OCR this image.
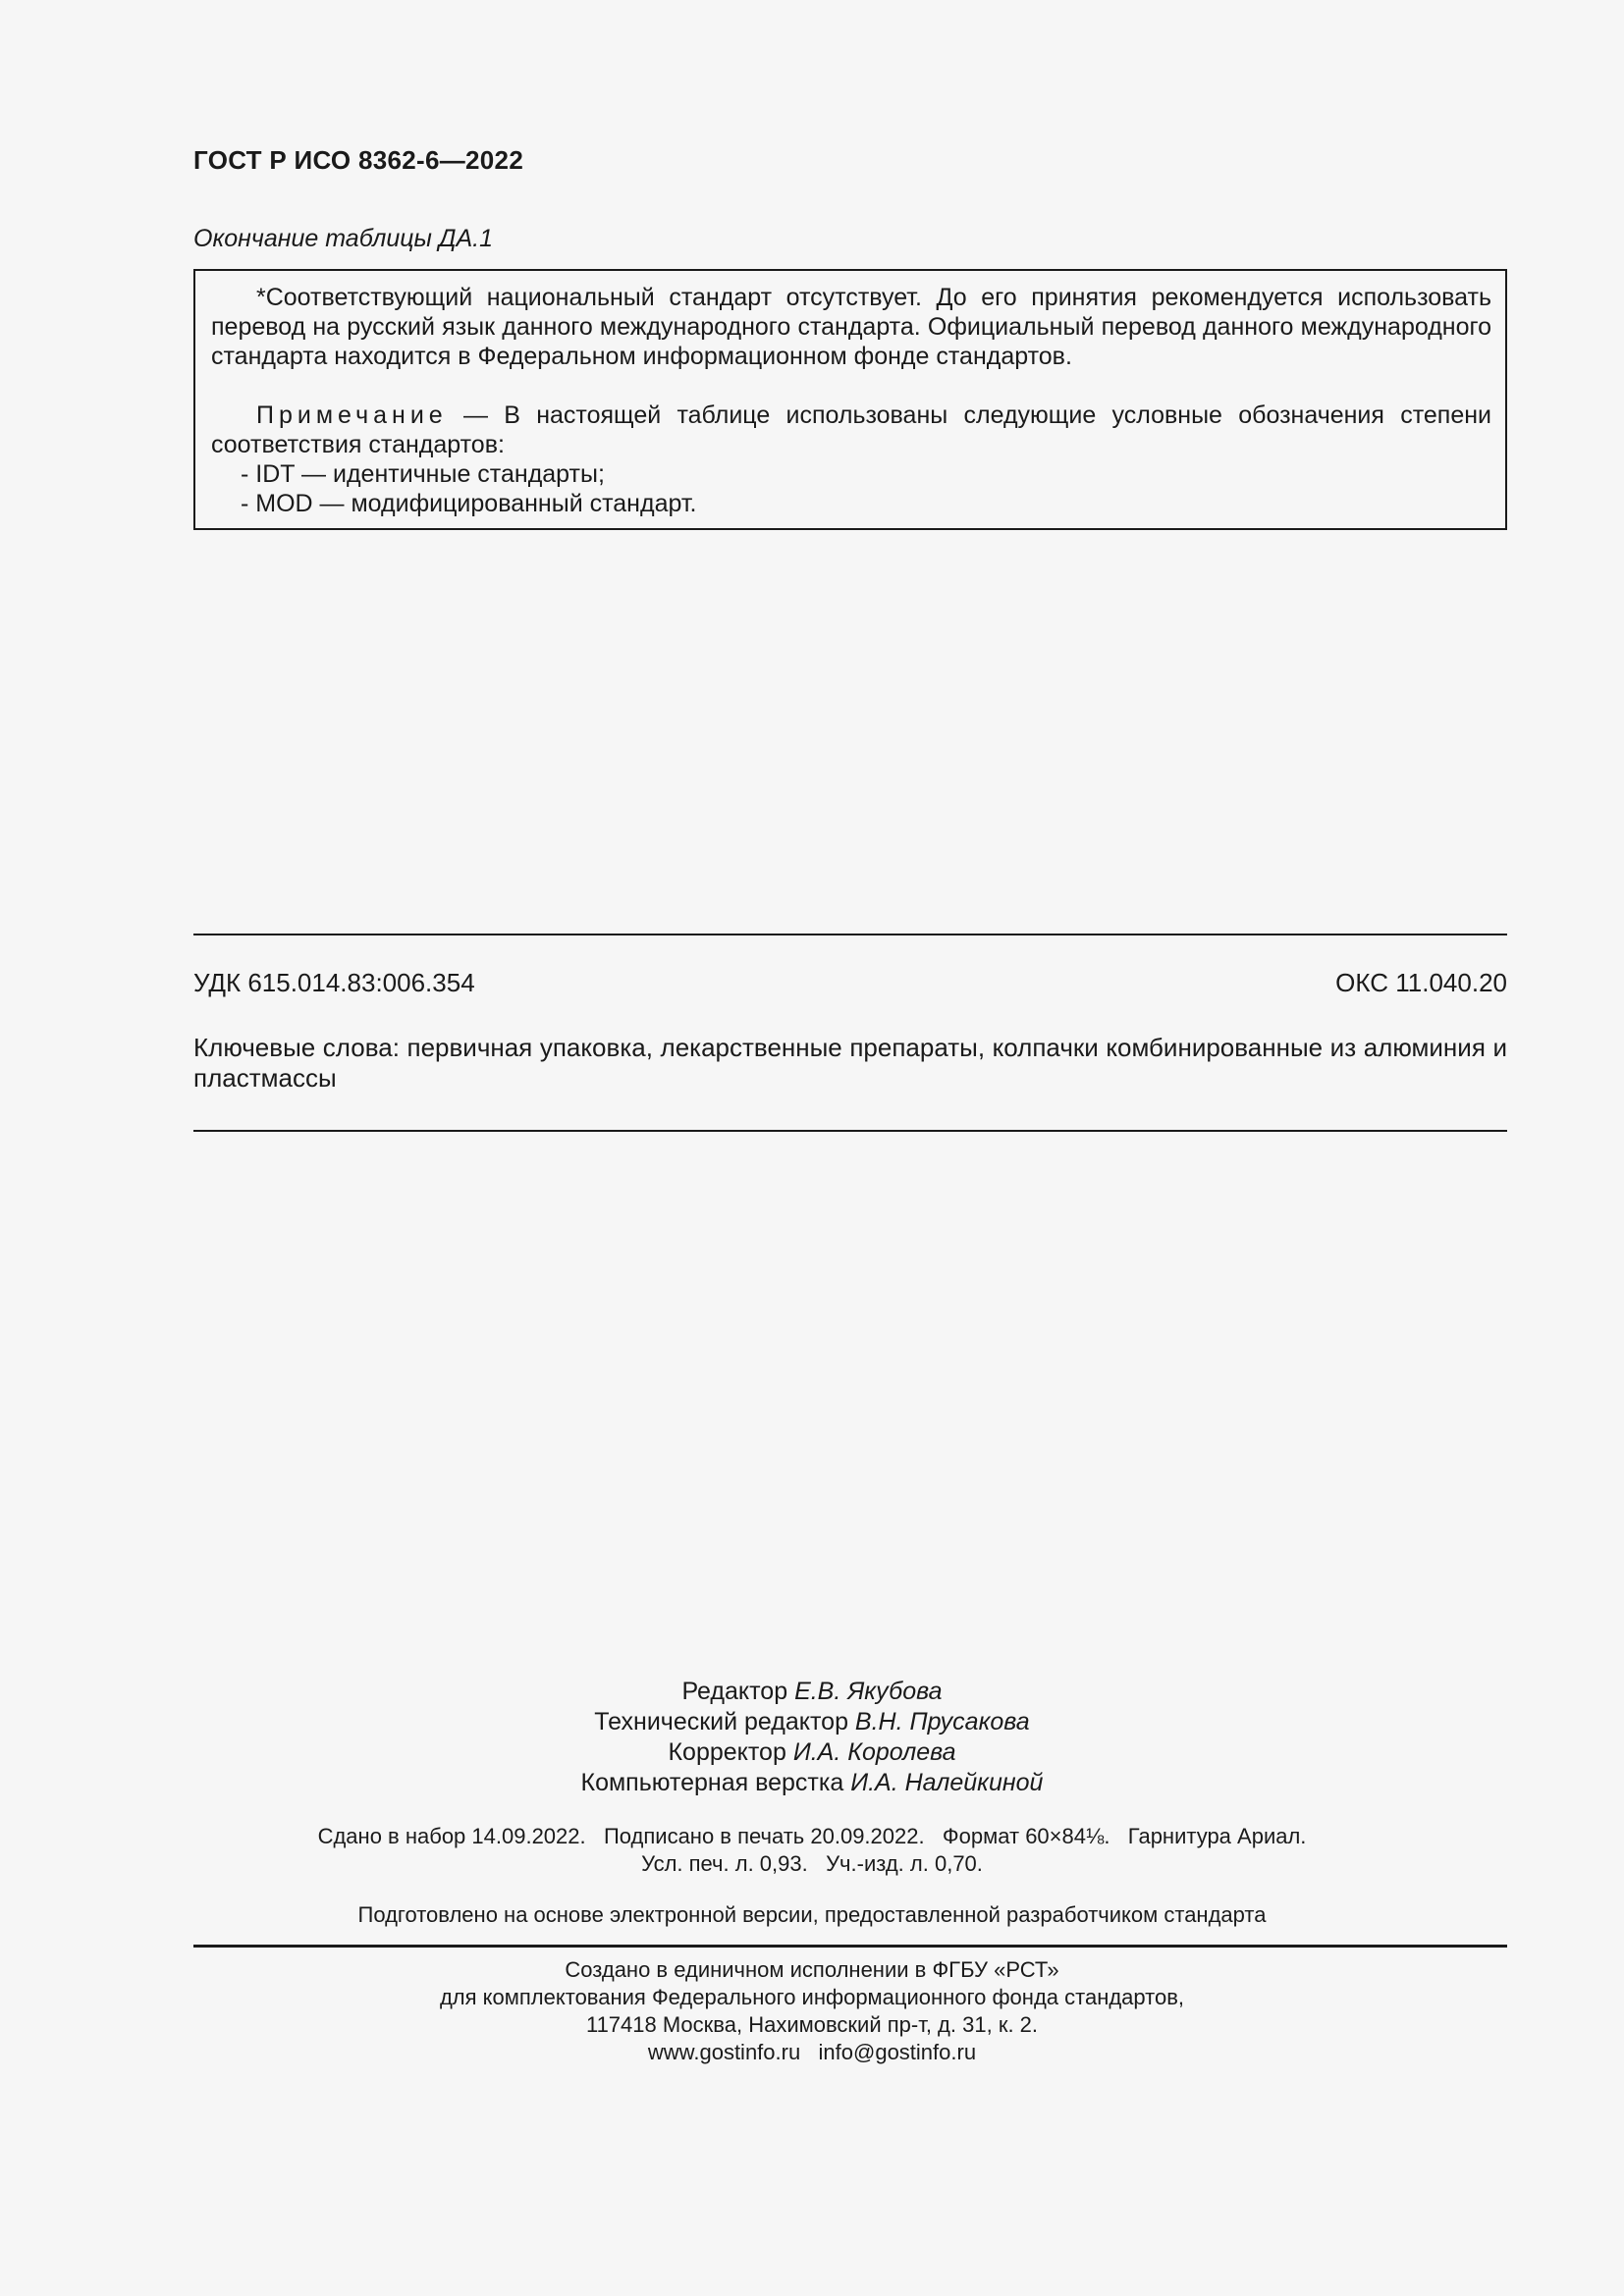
ГОСТ Р ИСО 8362-6—2022
Окончание таблицы ДА.1

*Соответствующий национальный стандарт отсутствует. До его принятия рекомендуется использовать перевод на русский язык данного международного стандарта. Официальный перевод данного международного стандарта находится в Федеральном информационном фонде стандартов.

Примечание — В настоящей таблице использованы следующие условные обозначения степени соответствия стандартов:

- IDT — идентичные стандарты;

- MOD — модифицированный стандарт.

УДК 615.014.83:006.354	ОКС 11.040.20
Ключевые слова: первичная упаковка, лекарственные препараты, колпачки комбинированные из алюминия и пластмассы
Редактор Е.В. Якубова
Технический редактор В.Н. Прусакова
Корректор И.А. Королева
Компьютерная верстка И.А. Налейкиной
Сдано в набор 14.09.2022.   Подписано в печать 20.09.2022.   Формат 60×84⅛.   Гарнитура Ариал.
Усл. печ. л. 0,93.   Уч.-изд. л. 0,70.
Подготовлено на основе электронной версии, предоставленной разработчиком стандарта
Создано в единичном исполнении в ФГБУ «РСТ»
для комплектования Федерального информационного фонда стандартов,
117418 Москва, Нахимовский пр-т, д. 31, к. 2.
www.gostinfo.ru   info@gostinfo.ru
